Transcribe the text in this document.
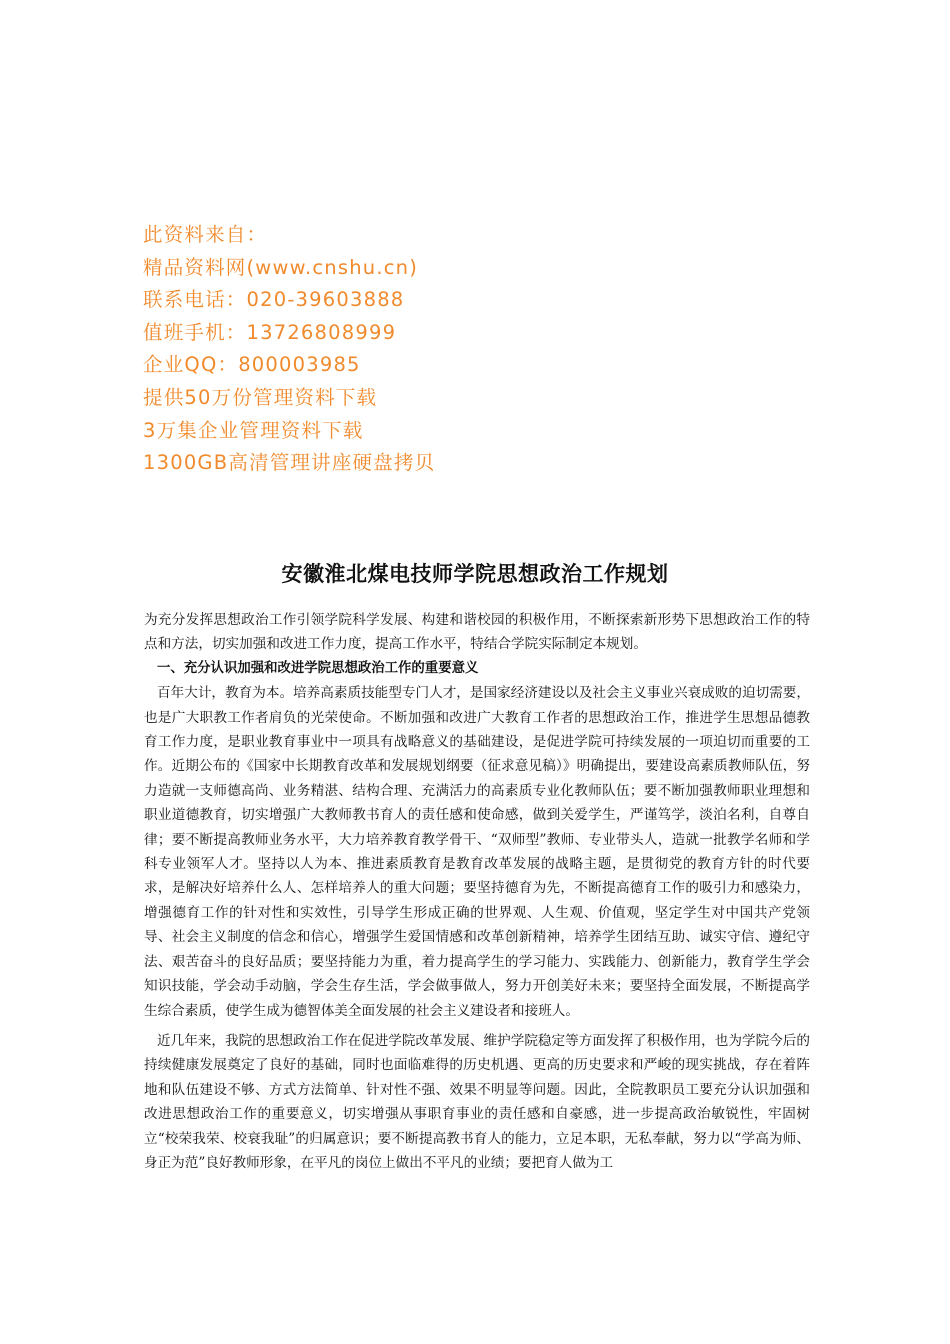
此资料来自：
精品资料网(www.cnshu.cn)
联系电话：020-39603888
值班手机：13726808999
企业QQ：800003985
提供50万份管理资料下载
3万集企业管理资料下载
1300GB高清管理讲座硬盘拷贝
安徽淮北煤电技师学院思想政治工作规划

为充分发挥思想政治工作引领学院科学发展、构建和谐校园的积极作用，不断探索新形势下思想政治工作的特点和方法，切实加强和改进工作力度，提高工作水平，特结合学院实际制定本规划。

一、充分认识加强和改进学院思想政治工作的重要意义

百年大计，教育为本。培养高素质技能型专门人才，是国家经济建设以及社会主义事业兴衰成败的迫切需要，也是广大职教工作者肩负的光荣使命。不断加强和改进广大教育工作者的思想政治工作，推进学生思想品德教育工作力度，是职业教育事业中一项具有战略意义的基础建设，是促进学院可持续发展的一项迫切而重要的工作。近期公布的《国家中长期教育改革和发展规划纲要（征求意见稿）》明确提出，要建设高素质教师队伍，努力造就一支师德高尚、业务精湛、结构合理、充满活力的高素质专业化教师队伍；要不断加强教师职业理想和职业道德教育，切实增强广大教师教书育人的责任感和使命感，做到关爱学生，严谨笃学，淡泊名利，自尊自律；要不断提高教师业务水平，大力培养教育教学骨干、“双师型”教师、专业带头人，造就一批教学名师和学科专业领军人才。坚持以人为本、推进素质教育是教育改革发展的战略主题，是贯彻党的教育方针的时代要求，是解决好培养什么人、怎样培养人的重大问题；要坚持德育为先，不断提高德育工作的吸引力和感染力，增强德育工作的针对性和实效性，引导学生形成正确的世界观、人生观、价值观，坚定学生对中国共产党领导、社会主义制度的信念和信心，增强学生爱国情感和改革创新精神，培养学生团结互助、诚实守信、遵纪守法、艰苦奋斗的良好品质；要坚持能力为重，着力提高学生的学习能力、实践能力、创新能力，教育学生学会知识技能，学会动手动脑，学会生存生活，学会做事做人，努力开创美好未来；要坚持全面发展，不断提高学生综合素质，使学生成为德智体美全面发展的社会主义建设者和接班人。

近几年来，我院的思想政治工作在促进学院改革发展、维护学院稳定等方面发挥了积极作用，也为学院今后的持续健康发展奠定了良好的基础，同时也面临难得的历史机遇、更高的历史要求和严峻的现实挑战，存在着阵地和队伍建设不够、方式方法简单、针对性不强、效果不明显等问题。因此，全院教职员工要充分认识加强和改进思想政治工作的重要意义，切实增强从事职育事业的责任感和自豪感，进一步提高政治敏锐性，牢固树立“校荣我荣、校衰我耻”的归属意识；要不断提高教书育人的能力，立足本职，无私奉献，努力以“学高为师、身正为范”良好教师形象，在平凡的岗位上做出不平凡的业绩；要把育人做为工
